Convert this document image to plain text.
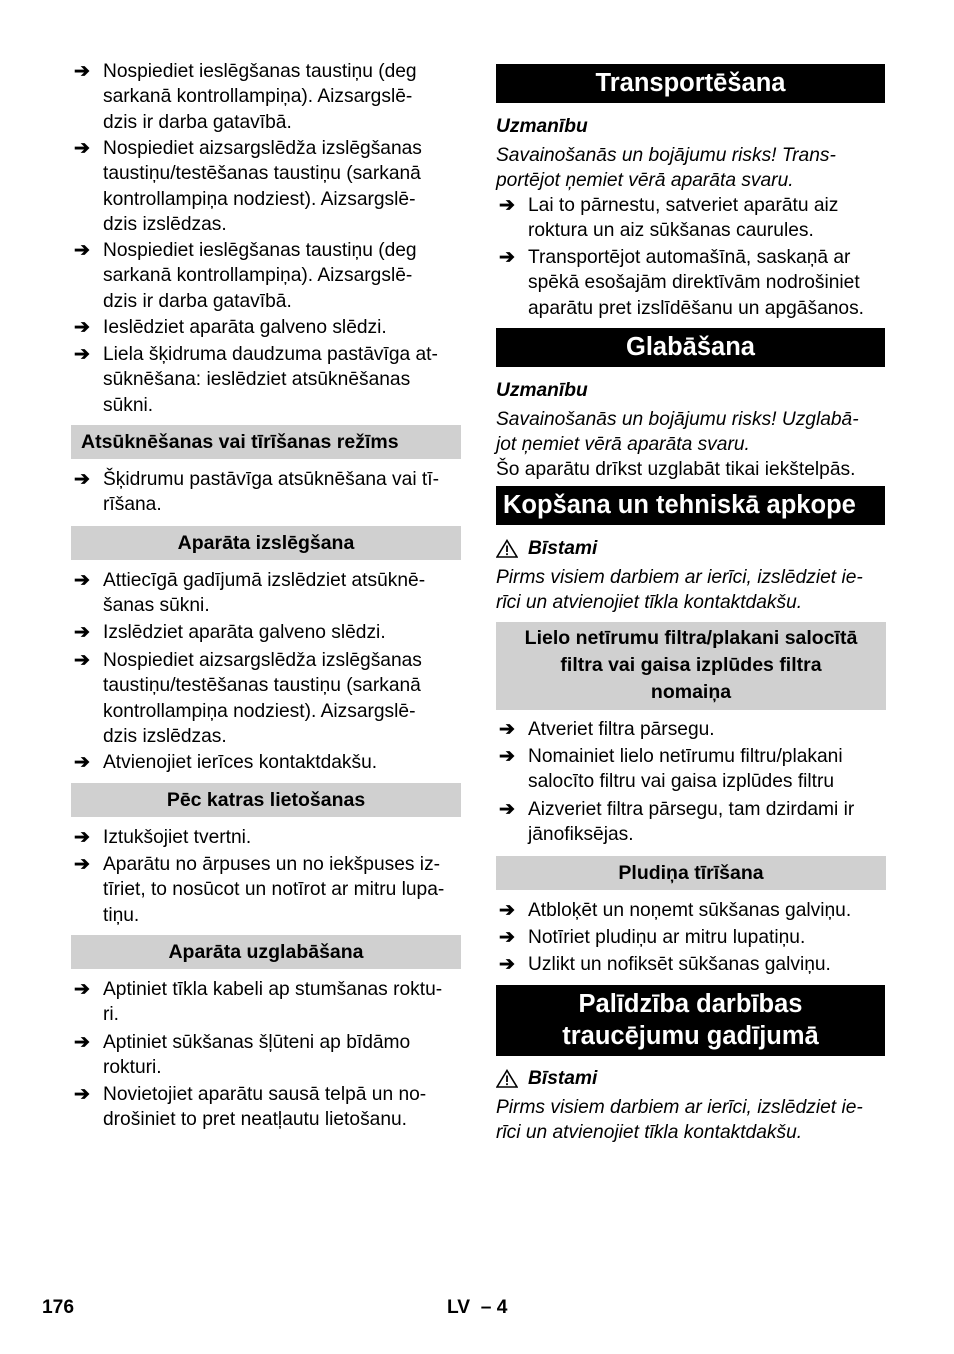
➔ Nospiediet ieslēgšanas taustiņu (deg
sarkanā kontrollampiņa). Aizsargslē-
dzis ir darba gatavībā.
➔ Nospiediet aizsargslēdža izslēgšanas
taustiņu/testēšanas taustiņu (sarkanā
kontrollampiņa nodziest). Aizsargslē-
dzis izslēdzas.
➔ Nospiediet ieslēgšanas taustiņu (deg
sarkanā kontrollampiņa). Aizsargslē-
dzis ir darba gatavībā.
➔ Ieslēdziet aparāta galveno slēdzi.
➔ Liela šķidruma daudzuma pastāvīga at-
sūknēšana: ieslēdziet atsūknēšanas
sūkni.
Atsūknēšanas vai tīrīšanas režīms
➔ Šķidrumu pastāvīga atsūknēšana vai tī-
rīšana.
Aparāta izslēgšana
➔ Attiecīgā gadījumā izslēdziet atsūknē-
šanas sūkni.
➔ Izslēdziet aparāta galveno slēdzi.
➔ Nospiediet aizsargslēdža izslēgšanas
taustiņu/testēšanas taustiņu (sarkanā
kontrollampiņa nodziest). Aizsargslē-
dzis izslēdzas.
➔ Atvienojiet ierīces kontaktdakšu.
Pēc katras lietošanas
➔ Iztukšojiet tvertni.
➔ Aparātu no ārpuses un no iekšpuses iz-
tīriet, to nosūcot un notīrot ar mitru lupa-
tiņu.
Aparāta uzglabāšana
➔ Aptiniet tīkla kabeli ap stumšanas roktu-
ri.
➔ Aptiniet sūkšanas šļūteni ap bīdāmo
rokturi.
➔ Novietojiet aparātu sausā telpā un no-
drošiniet to pret neatļautu lietošanu.
Transportēšana
Uzmanību
Savainošanās un bojājumu risks! Trans-
portējot ņemiet vērā aparāta svaru.
➔ Lai to pārnestu, satveriet aparātu aiz
roktura un aiz sūkšanas caurules.
➔ Transportējot automašīnā, saskaņā ar
spēkā esošajām direktīvām nodrošiniet
aparātu pret izslīdēšanu un apgāšanos.
Glabāšana
Uzmanību
Savainošanās un bojājumu risks! Uzglabā-
jot ņemiet vērā aparāta svaru.
Šo aparātu drīkst uzglabāt tikai iekštelpās.
Kopšana un tehniskā apkope
Bīstami
Pirms visiem darbiem ar ierīci, izslēdziet ie-
rīci un atvienojiet tīkla kontaktdakšu.
Lielo netīrumu filtra/plakani salocītā
filtra vai gaisa izplūdes filtra
nomaiņa
➔ Atveriet filtra pārsegu.
➔ Nomainiet lielo netīrumu filtru/plakani
salocīto filtru vai gaisa izplūdes filtru
➔ Aizveriet filtra pārsegu, tam dzirdami ir
jānofiksējas.
Pludiņa tīrīšana
➔ Atbloķēt un noņemt sūkšanas galviņu.
➔ Notīriet pludiņu ar mitru lupatiņu.
➔ Uzlikt un nofiksēt sūkšanas galviņu.
Palīdzība darbības
traucējumu gadījumā
Bīstami
Pirms visiem darbiem ar ierīci, izslēdziet ie-
rīci un atvienojiet tīkla kontaktdakšu.
176	LV  – 4
